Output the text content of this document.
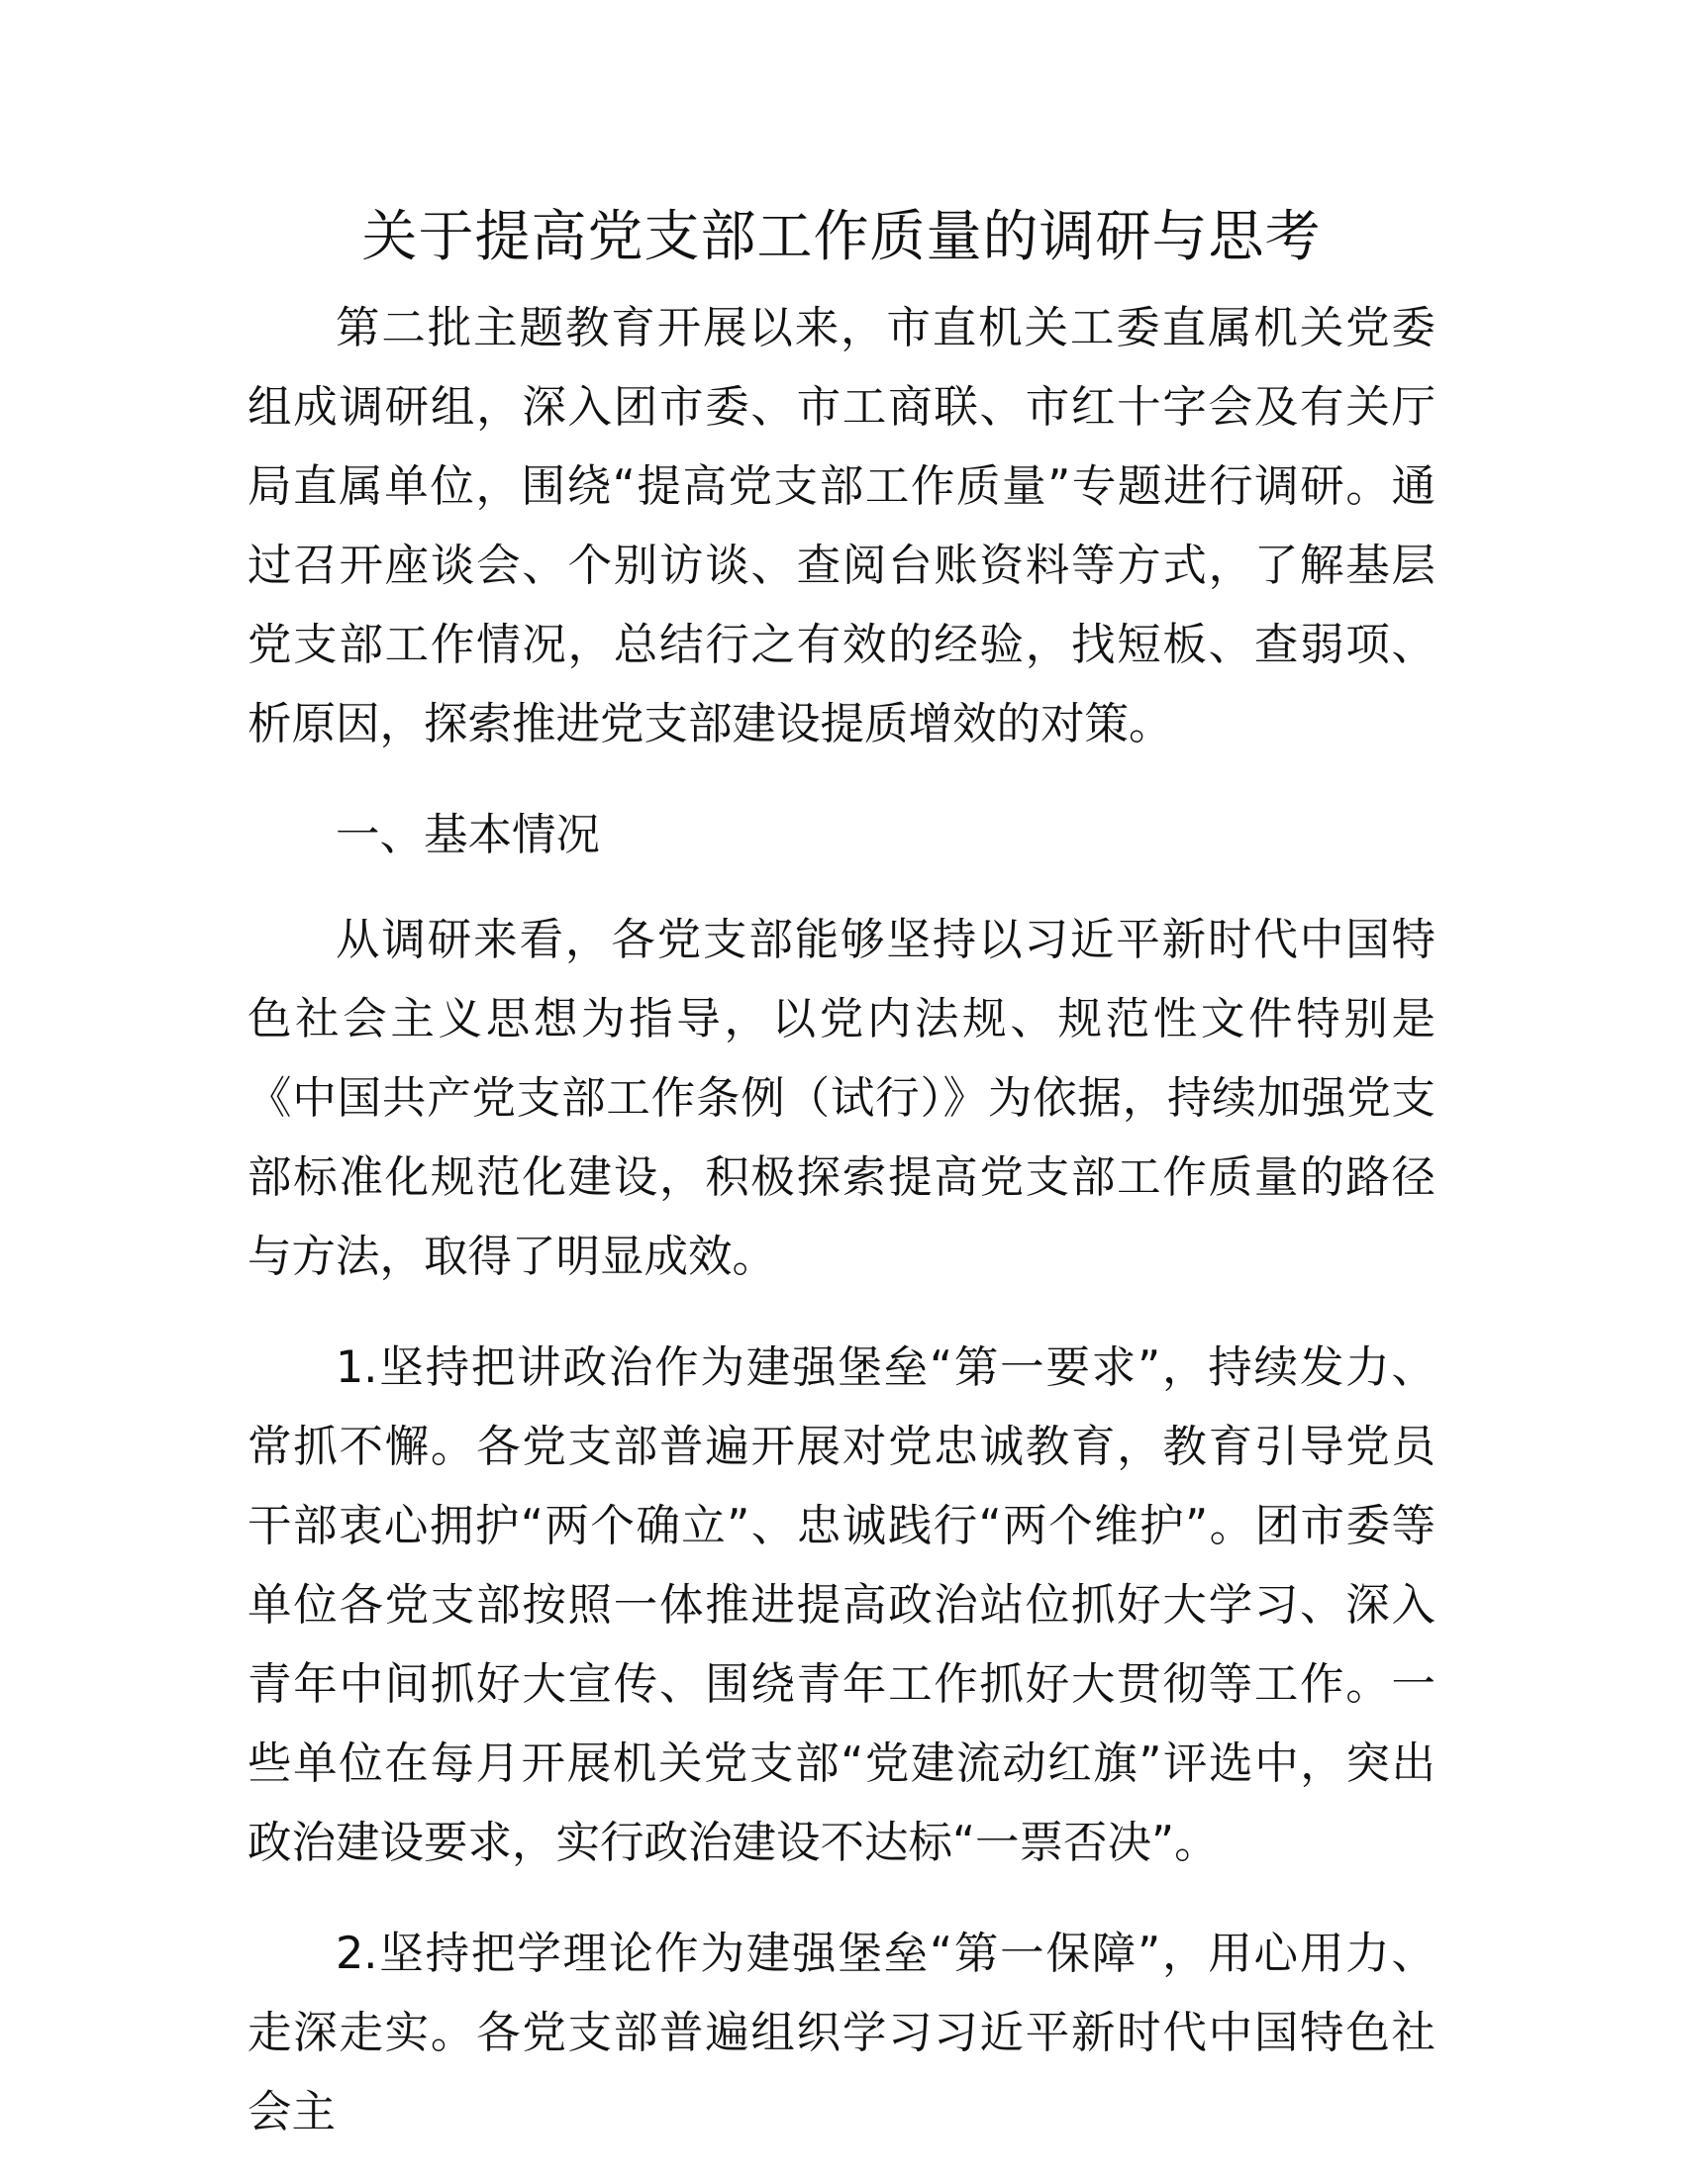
关于提高党支部工作质量的调研与思考

第二批主题教育开展以来，市直机关工委直属机关党委组成调研组，深入团市委、市工商联、市红十字会及有关厅局直属单位，围绕“提高党支部工作质量”专题进行调研。通过召开座谈会、个别访谈、查阅台账资料等方式，了解基层党支部工作情况，总结行之有效的经验，找短板、查弱项、析原因，探索推进党支部建设提质增效的对策。

一、基本情况

从调研来看，各党支部能够坚持以习近平新时代中国特色社会主义思想为指导，以党内法规、规范性文件特别是《中国共产党支部工作条例（试行）》为依据，持续加强党支部标准化规范化建设，积极探索提高党支部工作质量的路径与方法，取得了明显成效。

1.坚持把讲政治作为建强堡垒“第一要求”，持续发力、常抓不懈。各党支部普遍开展对党忠诚教育，教育引导党员干部衷心拥护“两个确立”、忠诚践行“两个维护”。团市委等单位各党支部按照一体推进提高政治站位抓好大学习、深入青年中间抓好大宣传、围绕青年工作抓好大贯彻等工作。一些单位在每月开展机关党支部“党建流动红旗”评选中，突出政治建设要求，实行政治建设不达标“一票否决”。

2.坚持把学理论作为建强堡垒“第一保障”，用心用力、走深走实。各党支部普遍组织学习习近平新时代中国特色社会主
